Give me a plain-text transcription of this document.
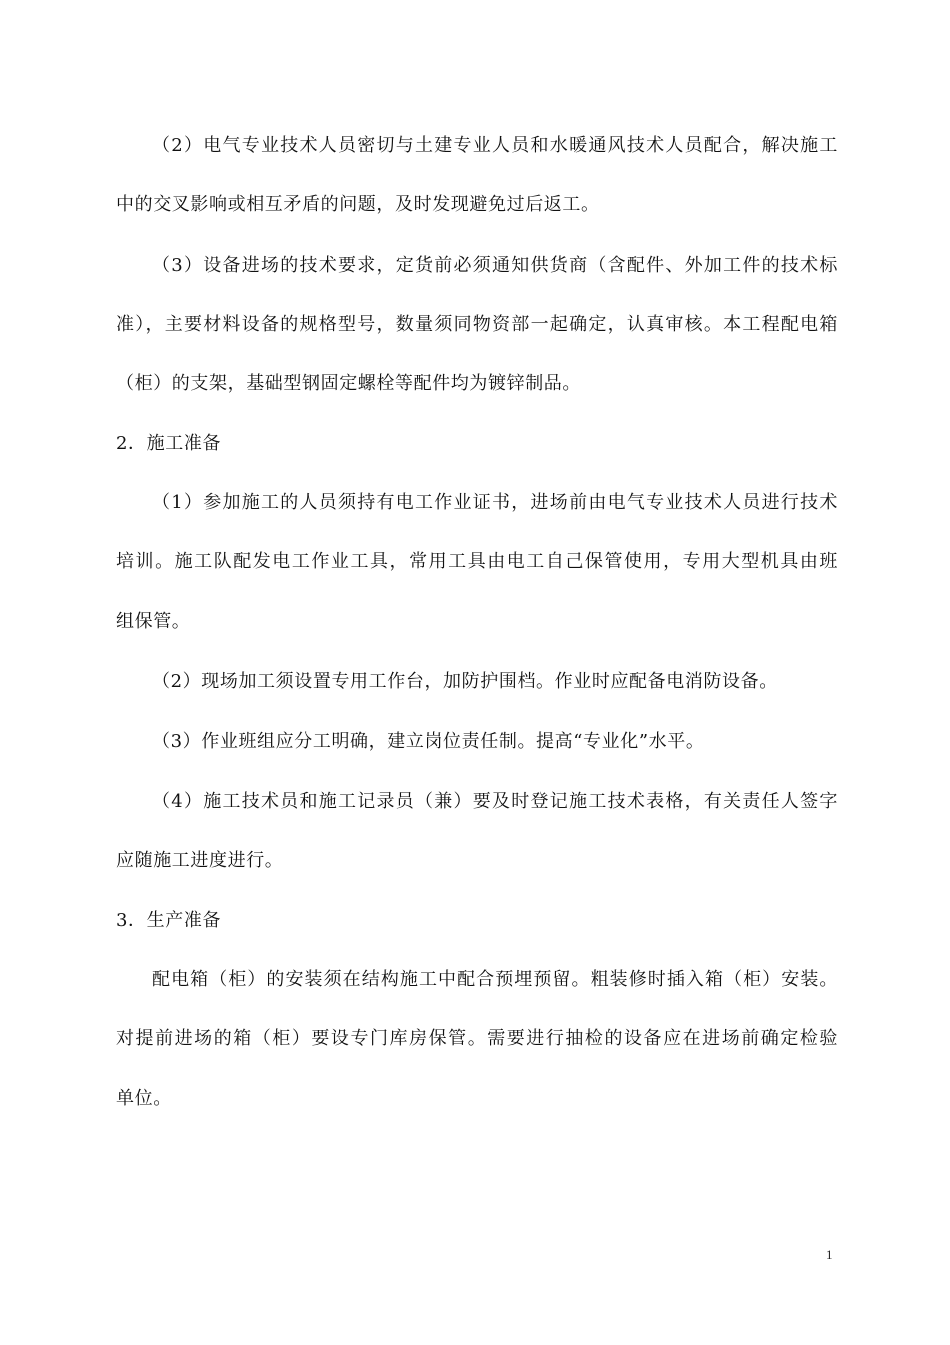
（2）电气专业技术人员密切与土建专业人员和水暖通风技术人员配合，解决施工
中的交叉影响或相互矛盾的问题，及时发现避免过后返工。
（3）设备进场的技术要求，定货前必须通知供货商（含配件、外加工件的技术标
准），主要材料设备的规格型号，数量须同物资部一起确定，认真审核。本工程配电箱
（柜）的支架，基础型钢固定螺栓等配件均为镀锌制品。
2．施工准备
（1）参加施工的人员须持有电工作业证书，进场前由电气专业技术人员进行技术
培训。施工队配发电工作业工具，常用工具由电工自己保管使用，专用大型机具由班
组保管。
（2）现场加工须设置专用工作台，加防护围档。作业时应配备电消防设备。
（3）作业班组应分工明确，建立岗位责任制。提高“专业化”水平。
（4）施工技术员和施工记录员（兼）要及时登记施工技术表格，有关责任人签字
应随施工进度进行。
3．生产准备
配电箱（柜）的安装须在结构施工中配合预埋预留。粗装修时插入箱（柜）安装。
对提前进场的箱（柜）要设专门库房保管。需要进行抽检的设备应在进场前确定检验
单位。
1
